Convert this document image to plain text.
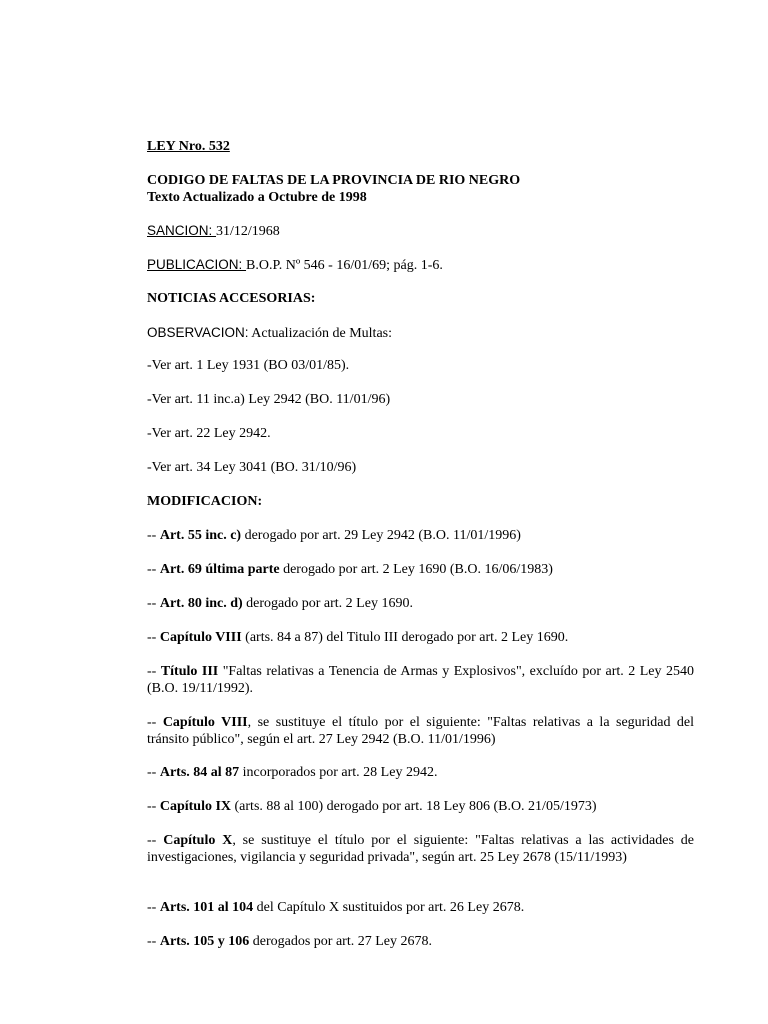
LEY Nro. 532
CODIGO DE FALTAS DE LA PROVINCIA DE RIO NEGRO
Texto Actualizado a Octubre de 1998
SANCION: 31/12/1968
PUBLICACION: B.O.P. Nº 546 - 16/01/69; pág. 1-6.
NOTICIAS ACCESORIAS:
OBSERVACION: Actualización de Multas:
-Ver art. 1 Ley 1931 (BO 03/01/85).
-Ver art. 11 inc.a) Ley 2942 (BO. 11/01/96)
-Ver art. 22 Ley 2942.
-Ver art. 34 Ley 3041 (BO. 31/10/96)
MODIFICACION:
-- Art. 55 inc. c) derogado por art. 29 Ley 2942 (B.O. 11/01/1996)
-- Art. 69 última parte derogado por art. 2 Ley 1690 (B.O. 16/06/1983)
-- Art. 80 inc. d) derogado por art. 2 Ley 1690.
-- Capítulo VIII (arts. 84 a 87) del Titulo III derogado por art. 2 Ley 1690.
-- Título III "Faltas relativas a Tenencia de Armas y Explosivos", excluído por art. 2 Ley 2540 (B.O. 19/11/1992).
-- Capítulo VIII, se sustituye el título por el siguiente: "Faltas relativas a la seguridad del tránsito público", según el art. 27 Ley 2942 (B.O. 11/01/1996)
-- Arts. 84 al 87 incorporados por art. 28 Ley 2942.
-- Capítulo IX (arts. 88 al 100) derogado por art. 18 Ley 806 (B.O. 21/05/1973)
-- Capítulo X, se sustituye el título por el siguiente: "Faltas relativas a las actividades de investigaciones, vigilancia y seguridad privada", según art. 25 Ley 2678 (15/11/1993)
-- Arts. 101 al 104 del Capítulo X sustituidos por art. 26 Ley 2678.
-- Arts. 105 y 106 derogados por art. 27 Ley 2678.
